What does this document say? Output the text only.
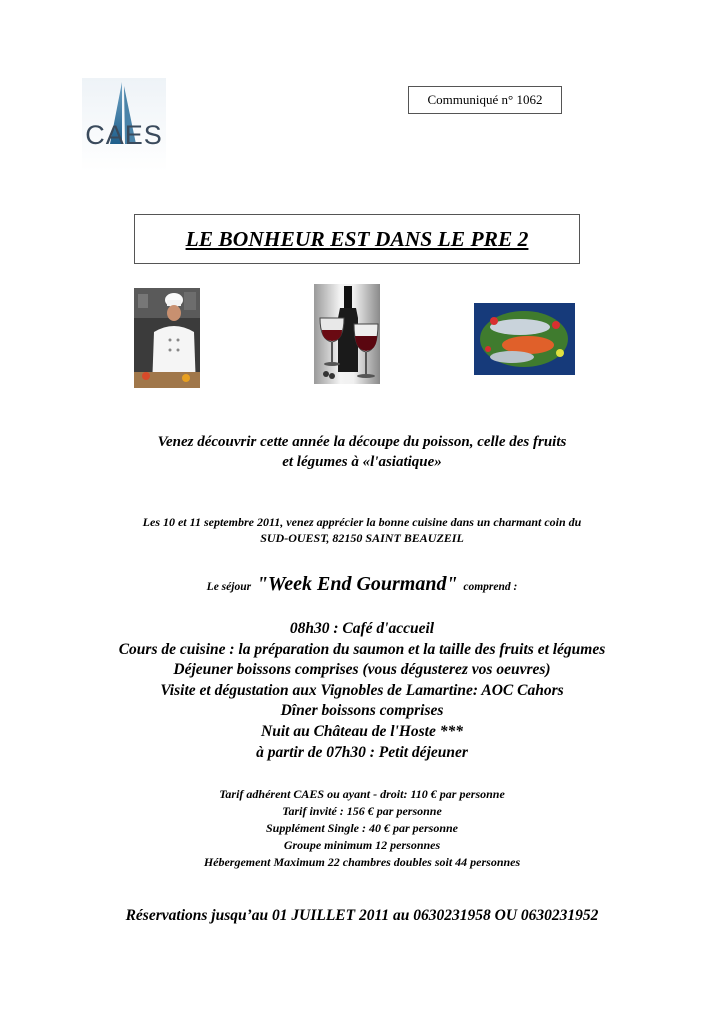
CAES
Communiqué n° 1062
LE BONHEUR EST DANS LE PRE 2
Venez découvrir cette année la découpe du poisson, celle des fruits
et légumes à «l'asiatique»
Les 10 et 11 septembre 2011, venez apprécier la bonne cuisine dans un charmant coin du
SUD-OUEST, 82150 SAINT BEAUZEIL
Le séjour "Week End Gourmand" comprend :
08h30 : Café d'accueil
Cours de cuisine : la préparation du saumon et la taille des fruits et légumes
Déjeuner boissons comprises (vous dégusterez vos oeuvres)
Visite et dégustation aux Vignobles de Lamartine: AOC Cahors
Dîner boissons comprises
Nuit au Château de l'Hoste ***
à partir de 07h30 : Petit déjeuner
Tarif adhérent CAES ou ayant - droit: 110 € par personne
Tarif invité : 156 € par personne
Supplément Single : 40 € par personne
Groupe minimum 12 personnes
Hébergement Maximum 22 chambres doubles soit 44 personnes
Réservations jusqu’au 01 JUILLET 2011 au 0630231958 OU 0630231952
